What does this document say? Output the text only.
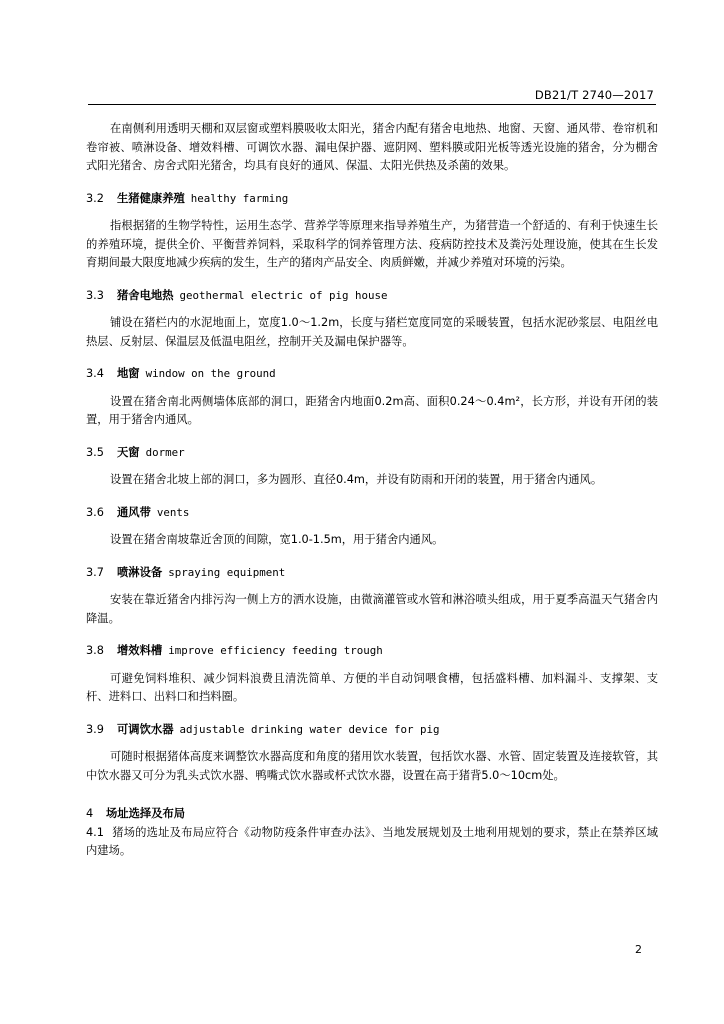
DB21/T 2740—2017

在南侧利用透明天棚和双层窗或塑料膜吸收太阳光，猪舍内配有猪舍电地热、地窗、天窗、通风带、卷帘机和卷帘被、喷淋设备、增效料槽、可调饮水器、漏电保护器、遮阴网、塑料膜或阳光板等透光设施的猪舍，分为棚舍式阳光猪舍、房舍式阳光猪舍，均具有良好的通风、保温、太阳光供热及杀菌的效果。

3.2 生猪健康养殖 healthy farming

指根据猪的生物学特性，运用生态学、营养学等原理来指导养殖生产，为猪营造一个舒适的、有利于快速生长的养殖环境，提供全价、平衡营养饲料，采取科学的饲养管理方法、疫病防控技术及粪污处理设施，使其在生长发育期间最大限度地减少疾病的发生，生产的猪肉产品安全、肉质鲜嫩，并减少养殖对环境的污染。

3.3 猪舍电地热 geothermal electric of pig house

铺设在猪栏内的水泥地面上，宽度1.0～1.2m，长度与猪栏宽度同宽的采暖装置，包括水泥砂浆层、电阻丝电热层、反射层、保温层及低温电阻丝，控制开关及漏电保护器等。

3.4 地窗 window on the ground

设置在猪舍南北两侧墙体底部的洞口，距猪舍内地面0.2m高、面积0.24～0.4m²，长方形，并设有开闭的装置，用于猪舍内通风。

3.5 天窗 dormer

设置在猪舍北坡上部的洞口，多为圆形、直径0.4m，并设有防雨和开闭的装置，用于猪舍内通风。

3.6 通风带 vents

设置在猪舍南坡靠近舍顶的间隙，宽1.0-1.5m，用于猪舍内通风。

3.7 喷淋设备 spraying equipment

安装在靠近猪舍内排污沟一侧上方的洒水设施，由微滴灌管或水管和淋浴喷头组成，用于夏季高温天气猪舍内降温。

3.8 增效料槽 improve efficiency feeding trough

可避免饲料堆积、减少饲料浪费且清洗简单、方便的半自动饲喂食槽，包括盛料槽、加料漏斗、支撑架、支杆、进料口、出料口和挡料圈。

3.9 可调饮水器 adjustable drinking water device for pig

可随时根据猪体高度来调整饮水器高度和角度的猪用饮水装置，包括饮水器、水管、固定装置及连接软管，其中饮水器又可分为乳头式饮水器、鸭嘴式饮水器或杯式饮水器，设置在高于猪背5.0～10cm处。

4 场址选择及布局

4.1 猪场的选址及布局应符合《动物防疫条件审查办法》、当地发展规划及土地利用规划的要求，禁止在禁养区域内建场。

2
